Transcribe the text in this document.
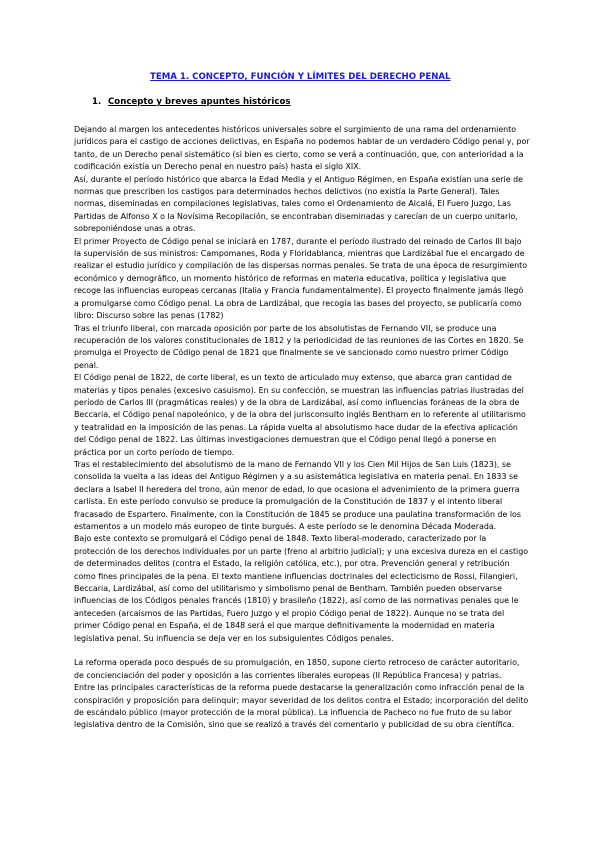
TEMA 1. CONCEPTO, FUNCIÓN Y LÍMITES DEL DERECHO PENAL
1. Concepto y breves apuntes históricos

Dejando al margen los antecedentes históricos universales sobre el surgimiento de una rama del ordenamiento jurídicos para el castigo de acciones delictivas, en España no podemos hablar de un verdadero Código penal y, por tanto, de un Derecho penal sistemático (si bien es cierto, como se verá a continuación, que, con anterioridad a la codificación existía un Derecho penal en nuestro país) hasta el siglo XIX.

Así, durante el período histórico que abarca la Edad Media y el Antiguo Régimen, en España existían una serie de normas que prescriben los castigos para determinados hechos delictivos (no existía la Parte General). Tales normas, diseminadas en compilaciones legislativas, tales como el Ordenamiento de Alcalá, El Fuero Juzgo, Las Partidas de Alfonso X o la Novísima Recopilación, se encontraban diseminadas y carecían de un cuerpo unitario, sobreponiéndose unas a otras.

El primer Proyecto de Código penal se iniciará en 1787, durante el período ilustrado del reinado de Carlos III bajo la supervisión de sus ministros: Campomanes, Roda y Floridablanca, mientras que Lardizábal fue el encargado de realizar el estudio jurídico y compilación de las dispersas normas penales. Se trata de una época de resurgimiento económico y demográfico, un momento histórico de reformas en materia educativa, política y legislativa que recoge las influencias europeas cercanas (Italia y Francia fundamentalmente). El proyecto finalmente jamás llegó a promulgarse como Código penal. La obra de Lardizábal, que recogía las bases del proyecto, se publicaría como libro: Discurso sobre las penas (1782)

Tras el triunfo liberal, con marcada oposición por parte de los absolutistas de Fernando VII, se produce una recuperación de los valores constitucionales de 1812 y la periodicidad de las reuniones de las Cortes en 1820. Se promulga el Proyecto de Código penal de 1821 que finalmente se ve sancionado como nuestro primer Código penal.

El Código penal de 1822, de corte liberal, es un texto de articulado muy extenso, que abarca gran cantidad de materias y tipos penales (excesivo casuismo). En su confección, se muestran las influencias patrias ilustradas del período de Carlos III (pragmáticas reales) y de la obra de Lardizábal, así como influencias foráneas de la obra de Beccaria, el Código penal napoleónico, y de la obra del jurisconsulto inglés Bentham en lo referente al utilitarismo y teatralidad en la imposición de las penas. La rápida vuelta al absolutismo hace dudar de la efectiva aplicación del Código penal de 1822. Las últimas investigaciones demuestran que el Código penal llegó a ponerse en práctica por un corto período de tiempo.

Tras el restablecimiento del absolutismo de la mano de Fernando VII y los Cien Mil Hijos de San Luis (1823), se consolida la vuelta a las ideas del Antiguo Régimen y a su asistemática legislativa en materia penal. En 1833 se declara a Isabel II heredera del trono, aún menor de edad, lo que ocasiona el advenimiento de la primera guerra carlista. En este período convulso se produce la promulgación de la Constitución de 1837 y el intento liberal fracasado de Espartero. Finalmente, con la Constitución de 1845 se produce una paulatina transformación de los estamentos a un modelo más europeo de tinte burgués. A este período se le denomina Década Moderada.

Bajo este contexto se promulgará el Código penal de 1848. Texto liberal-moderado, caracterizado por la protección de los derechos individuales por un parte (freno al arbitrio judicial); y una excesiva dureza en el castigo de determinados delitos (contra el Estado, la religión católica, etc.), por otra. Prevención general y retribución como fines principales de la pena. El texto mantiene influencias doctrinales del eclecticismo de Rossi, Filangieri, Beccaria, Lardizábal, así como del utilitarismo y simbolismo penal de Bentham. También pueden observarse influencias de los Códigos penales francés (1810) y brasileño (1822), así como de las normativas penales que le anteceden (arcaísmos de las Partidas, Fuero Juzgo y el propio Código penal de 1822). Aunque no se trata del primer Código penal en España, el de 1848 será el que marque definitivamente la modernidad en materia legislativa penal. Su influencia se deja ver en los subsiguientes Códigos penales.

La reforma operada poco después de su promulgación, en 1850, supone cierto retroceso de carácter autoritario, de concienciación del poder y oposición a las corrientes liberales europeas (II República Francesa) y patrias.

Entre las principales características de la reforma puede destacarse la generalización como infracción penal de la conspiración y proposición para delinquir; mayor severidad de los delitos contra el Estado; incorporación del delito de escándalo público (mayor protección de la moral pública). La influencia de Pacheco no fue fruto de su labor legislativa dentro de la Comisión, sino que se realizó a través del comentario y publicidad de su obra científica.
